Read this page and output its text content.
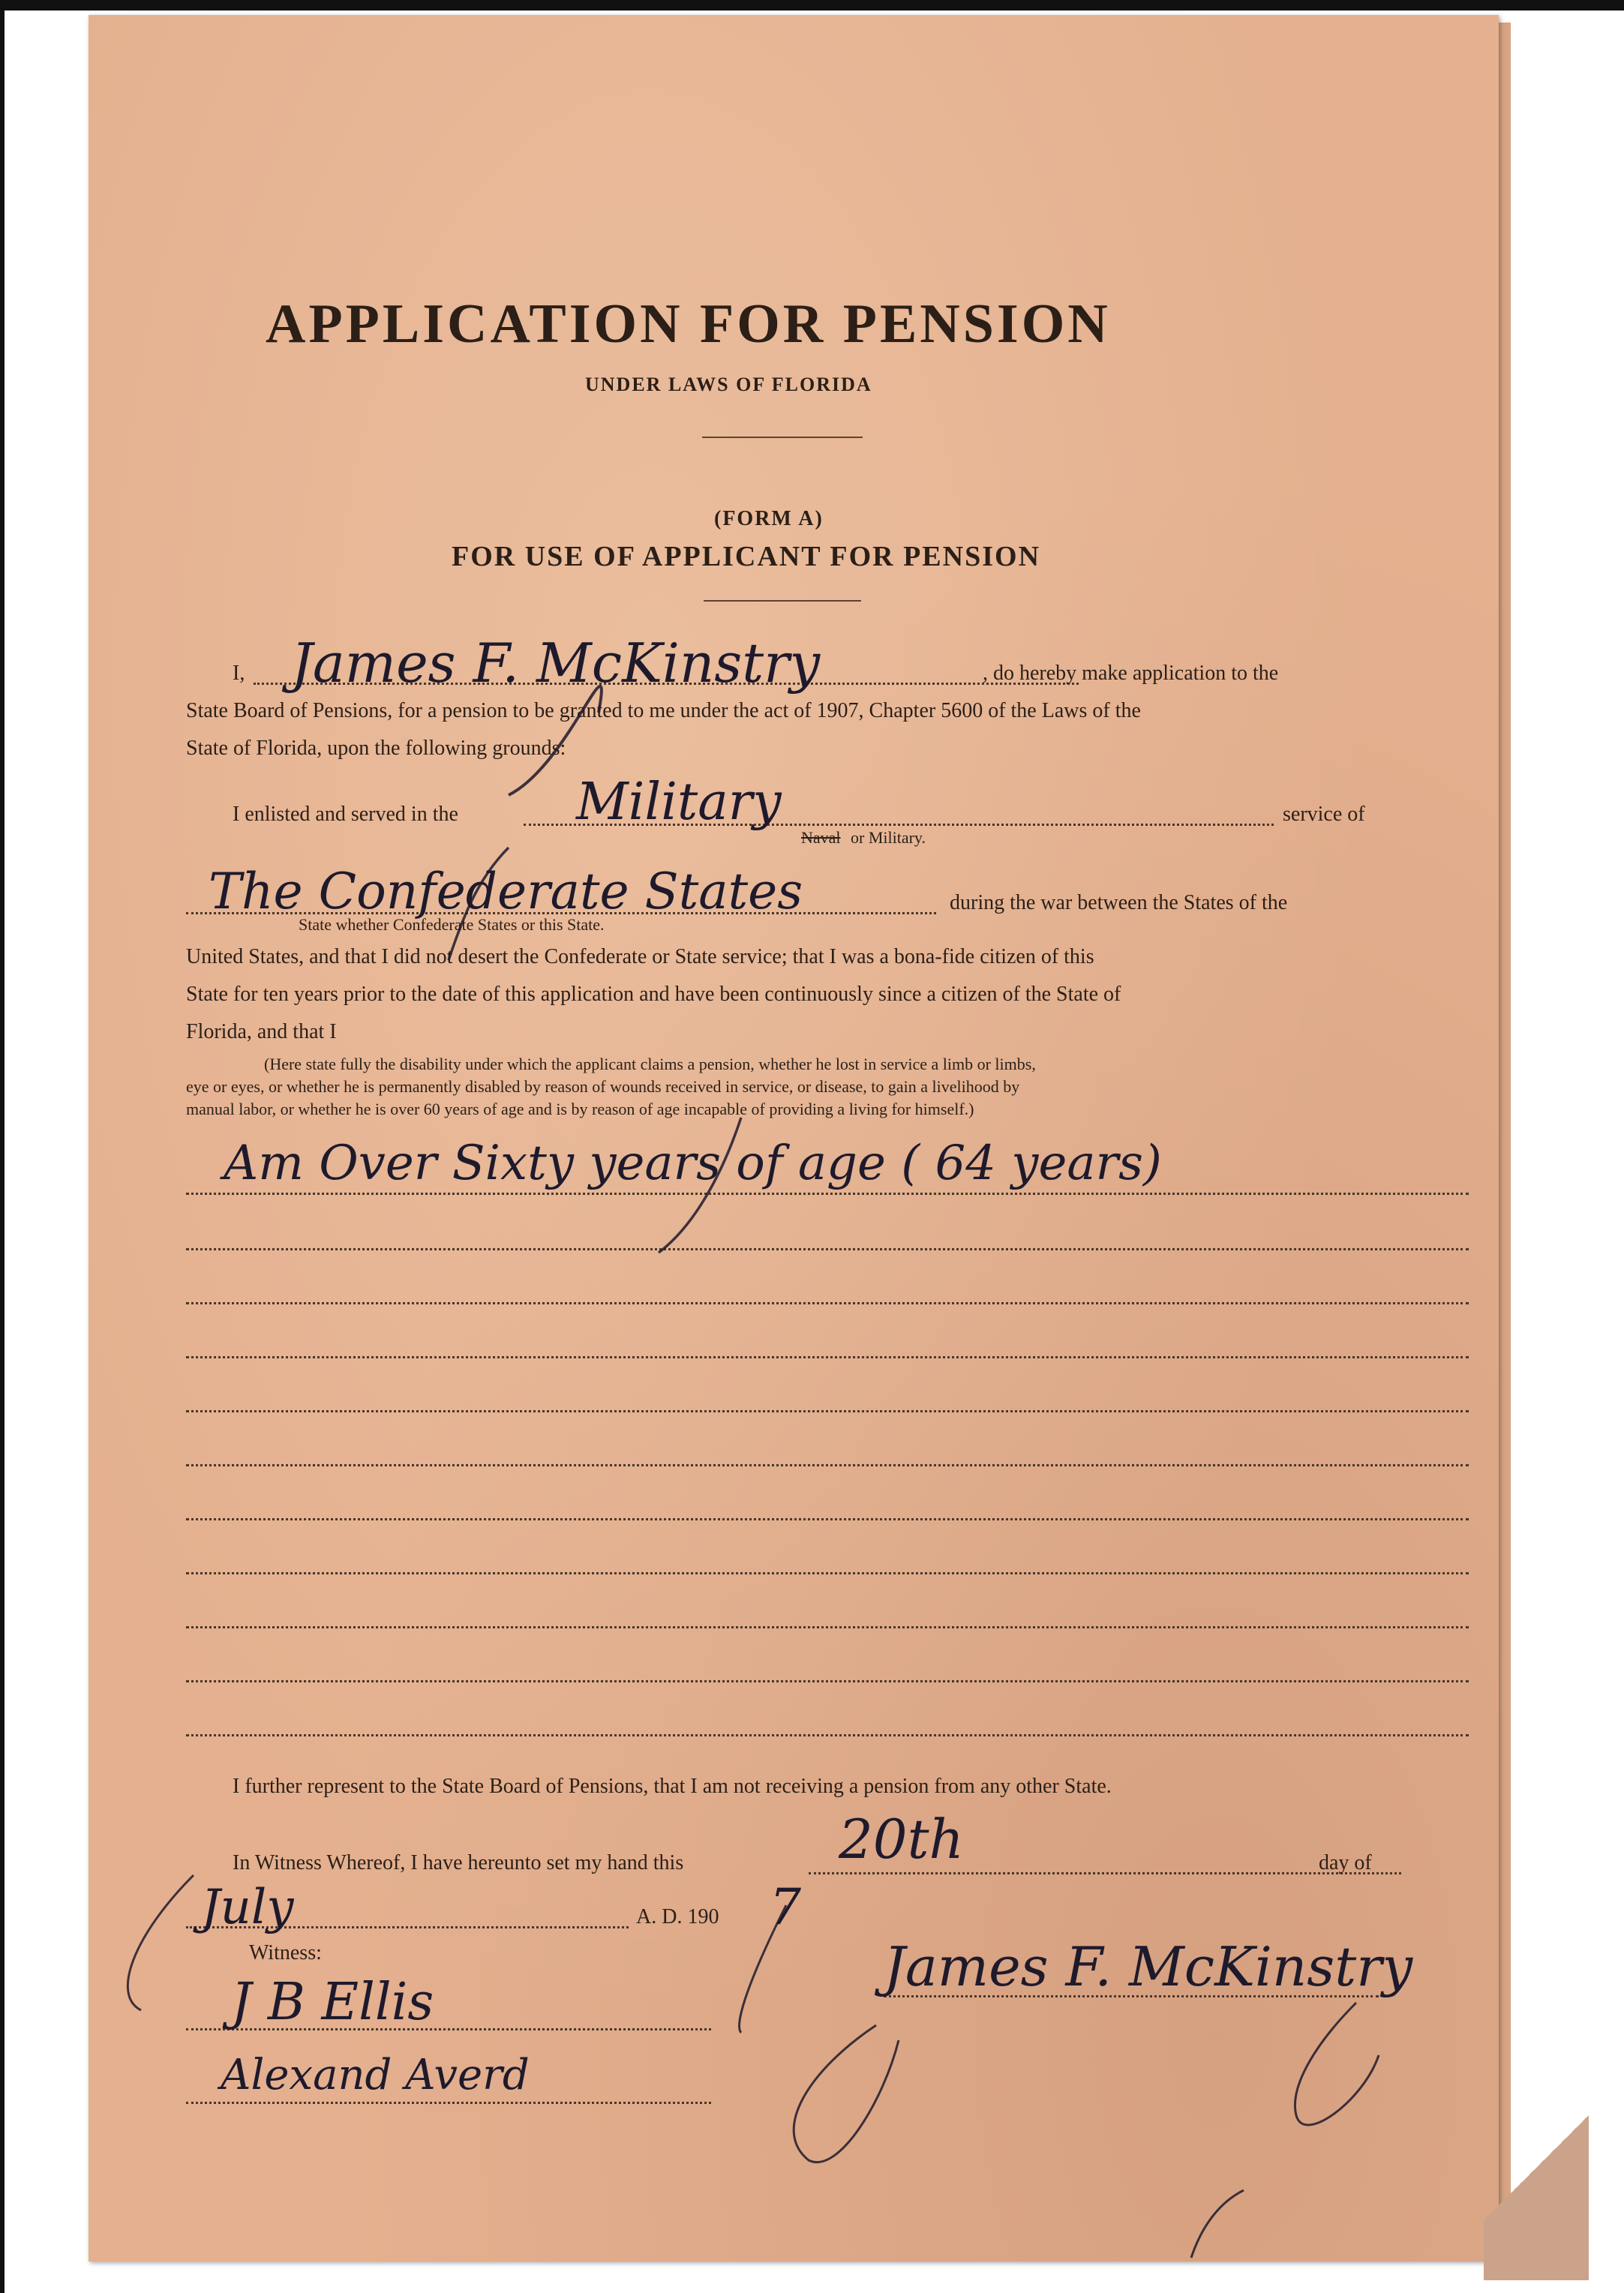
APPLICATION FOR PENSION
UNDER LAWS OF FLORIDA
(FORM A)
FOR USE OF APPLICANT FOR PENSION
I, James F. McKinstry	, do hereby make application to the
State Board of Pensions, for a pension to be granted to me under the act of 1907, Chapter 5600 of the Laws of the
State of Florida, upon the following grounds:
I enlisted and served in the Military	service of
Naval or Military.
The Confederate States	during the war between the States of the
State whether Confederate States or this State.
United States, and that I did not desert the Confederate or State service; that I was a bona-fide citizen of this
State for ten years prior to the date of this application and have been continuously since a citizen of the State of
Florida, and that I
(Here state fully the disability under which the applicant claims a pension, whether he lost in service a limb or limbs,
eye or eyes, or whether he is permanently disabled by reason of wounds received in service, or disease, to gain a livelihood by
manual labor, or whether he is over 60 years of age and is by reason of age incapable of providing a living for himself.)
Am Over Sixty years of age ( 64 years)
I further represent to the State Board of Pensions, that I am not receiving a pension from any other State.
In Witness Whereof, I have hereunto set my hand this	20th	day of
July	A. D. 190 7
Witness:
J B Ellis
Alexand Averd
James F. McKinstry
